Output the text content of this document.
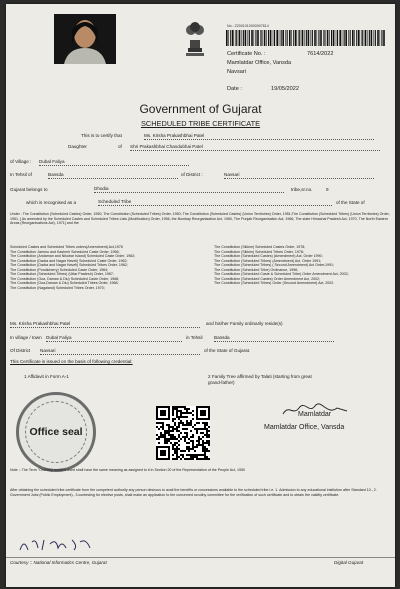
No.: Z2001010000007614
Certificate No. :	7614/2022
Mamlatdar Office, Vansda
Navsari
Date :	19/05/2022
Government of Gujarat
SCHEDULED TRIBE CERTIFICATE
This is to certify that	Ms. Krisha Prakashbhai Patel
Daughter	of Shri Prakashbhai Chandubhai Patel
of Village : Dubal Faliya
In Tehsil of	Bansda	of District :	Navsari
Gujarat belongs to	Dhodia	tribe,sr.no.	9
which is recognised as a	Scheduled Tribe	of the State of
Under : The Constitution (Scheduled Castes) Order, 1950; The Constitution (Scheduled Tribes) Order, 1950; The Constitution (Scheduled Castes) (Union Territories) Order, 1951;The Constitution (Scheduled Tribes) (Union Territories) Order, 1951, [ As amended by the Scheduled Castes and Scheduled Tribes Lists (Modification) Order, 1956, the Bombay Reorganisation Act, 1960, The Punjab Reorganisation Act, 1966, The state Himachal Pradesh Act, 1970, The North Eastern Areas (Reorganisations Act), 1971] and the
Scheduled Castes and Scheduled Tribes orders(Amendment) Act,1976
The Constitution Jammu and Kashmir Scheduled Caste Order, 1956;
The Constitution (Andaman and Nikobar Island) Scheduled Caste Order, 1962;
The Constitution (Dadra and Nagar Haveli) Scheduled Caste Order, 1962;
The Constitution (Dadra and Nagar Haveli) Scheduled Tribes Order, 1962;
The Constitution (Pondicherry) Scheduled Caste Order, 1964;
The Constitution (Scheduled Tribes) (Uttar Pradesh) Order, 1967;
The Constitution (Goa, Daman & Diu) Scheduled Caste Order, 1968;
The Constitution (Goa,Daman & Diu) Scheduled Tribes Order, 1968;
The Constitution (Nagaland) Scheduled Tribes Order, 1970;
The Constitution (Sikkim) Scheduled Castes Order, 1978;
The Constitution (Sikkim) Scheduled Tribes Order, 1978;
The Constitution (Scheduled Castes) (Amendment) Act, Order 1990;
The Constitution (Scheduled Tribes) (Amendment) Act, Order 1991;
The Constitution (Scheduled Tribes) ( Second Amendment) Act Order,1991;
The Constitution (Scheduled Tribe) Ordinance, 1996;
The Constitution (Scheduled Caste & Scheduled Tribe) Order Amendment Act, 2002;
The Constitution (Scheduled Castes) Order Amendment Act, 2002;
The Constitution (Scheduled Tribes) Order (Second Amendment) Act, 2002.
Ms. Krisha Prakashbhai Patel	and his/her Family ordinarily reside(s)
In village / town Dubal Faliya	in Tehsil Bansda
Of District Navsari	of the State of Gujarat.
This Certificate is issued on the basis of following credential:
1 Affidavit in Form A-1	2 Family Tree affirmed by Talati (starting from great grand-father)
Office seal
Mamlatdar
Mamlatdar Office, Vansda
Note :- The Term "Ordinary reside's used shall have the same meaning as assigned to it in Section 20 of the Representation of the People Act, 1950
After obtaining the scheduled tribe certificate from the competent authority any person desirous to avail the benefits or concessions available to the scheduled tribe i.e. 1. Admission to any educational institution after Standard 10., 2. Government Jobs (Public Employment)., 3.contesting for elective posts, shall make an application to the concerned scrutiny committee for the verification of such certificate and to obtain the validity certificate.
Courtesy :: National Informatics Centre, Gujarat	Digital Gujarat
